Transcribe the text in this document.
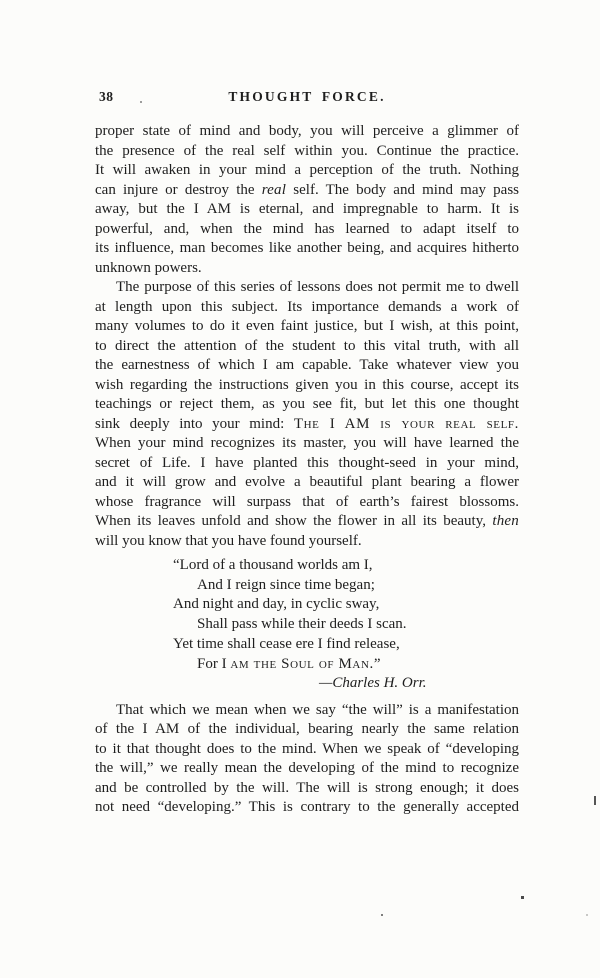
38	THOUGHT FORCE.
proper state of mind and body, you will perceive a glimmer of
the presence of the real self within you. Continue the practice.
It will awaken in your mind a perception of the truth. Nothing
can injure or destroy the real self. The body and mind may pass
away, but the I AM is eternal, and impregnable to harm. It is
powerful, and, when the mind has learned to adapt itself to
its influence, man becomes like another being, and acquires hitherto
unknown powers.
The purpose of this series of lessons does not permit me to dwell
at length upon this subject. Its importance demands a work of
many volumes to do it even faint justice, but I wish, at this point,
to direct the attention of the student to this vital truth, with all
the earnestness of which I am capable. Take whatever view you
wish regarding the instructions given you in this course, accept its
teachings or reject them, as you see fit, but let this one thought
sink deeply into your mind: The I AM is your real self.
When your mind recognizes its master, you will have learned the
secret of Life. I have planted this thought-seed in your mind,
and it will grow and evolve a beautiful plant bearing a flower
whose fragrance will surpass that of earth’s fairest blossoms.
When its leaves unfold and show the flower in all its beauty, then
will you know that you have found yourself.
“Lord of a thousand worlds am I,
And I reign since time began;
And night and day, in cyclic sway,
Shall pass while their deeds I scan.
Yet time shall cease ere I find release,
For I am the Soul of Man.”
—Charles H. Orr.
That which we mean when we say “the will” is a manifestation
of the I AM of the individual, bearing nearly the same relation
to it that thought does to the mind. When we speak of “developing
the will,” we really mean the developing of the mind to recognize
and be controlled by the will. The will is strong enough; it does
not need “developing.” This is contrary to the generally accepted
